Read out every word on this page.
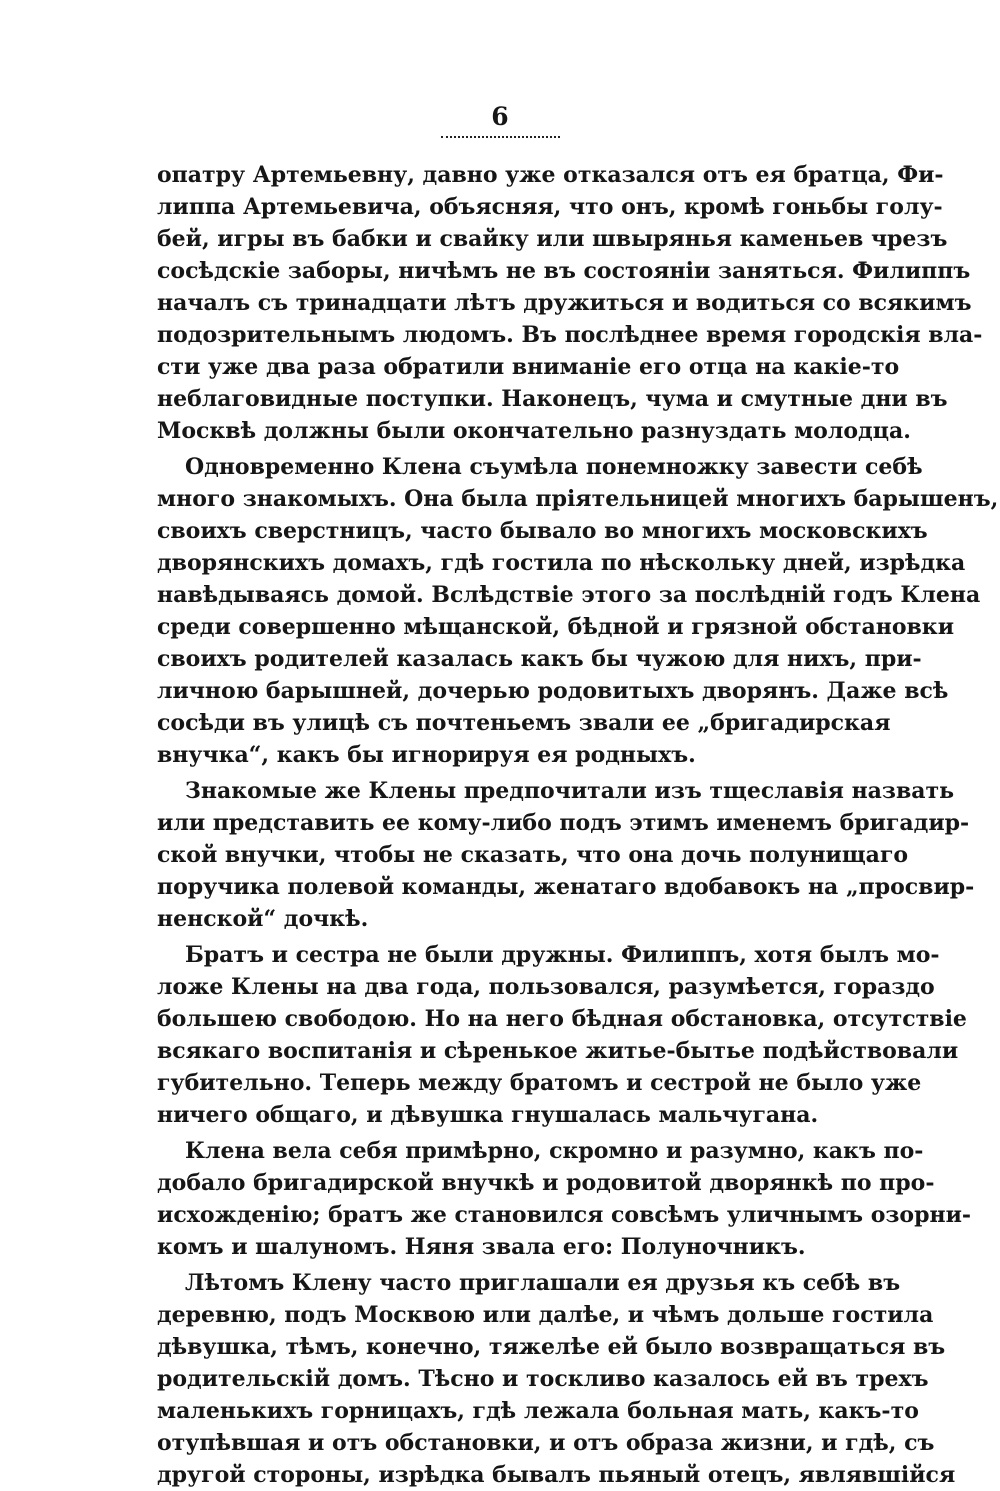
6
опатру Артемьевну, давно уже отказался отъ ея братца, Фи-
липпа Артемьевича, объясняя, что онъ, кромѣ гоньбы голу-
бей, игры въ бабки и свайку или швырянья каменьев чрезъ
сосѣдскіе заборы, ничѣмъ не въ состояніи заняться. Филиппъ
началъ съ тринадцати лѣтъ дружиться и водиться со всякимъ
подозрительнымъ людомъ. Въ послѣднее время городскія вла-
сти уже два раза обратили вниманіе его отца на какіе-то
неблаговидные поступки. Наконецъ, чума и смутные дни въ
Москвѣ должны были окончательно разнуздать молодца.
Одновременно Клена съумѣла понемножку завести себѣ
много знакомыхъ. Она была пріятельницей многихъ барышенъ,
своихъ сверстницъ, часто бывало во многихъ московскихъ
дворянскихъ домахъ, гдѣ гостила по нѣскольку дней, изрѣдка
навѣдываясь домой. Вслѣдствіе этого за послѣдній годъ Клена
среди совершенно мѣщанской, бѣдной и грязной обстановки
своихъ родителей казалась какъ бы чужою для нихъ, при-
личною барышней, дочерью родовитыхъ дворянъ. Даже всѣ
сосѣди въ улицѣ съ почтеньемъ звали ее „бригадирская
внучка“, какъ бы игнорируя ея родныхъ.
Знакомые же Клены предпочитали изъ тщеславія назвать
или представить ее кому-либо подъ этимъ именемъ бригадир-
ской внучки, чтобы не сказать, что она дочь полунищаго
поручика полевой команды, женатаго вдобавокъ на „просвир-
ненской“ дочкѣ.
Братъ и сестра не были дружны. Филиппъ, хотя былъ мо-
ложе Клены на два года, пользовался, разумѣется, гораздо
большею свободою. Но на него бѣдная обстановка, отсутствіе
всякаго воспитанія и сѣренькое житье-бытье подѣйствовали
губительно. Теперь между братомъ и сестрой не было уже
ничего общаго, и дѣвушка гнушалась мальчугана.
Клена вела себя примѣрно, скромно и разумно, какъ по-
добало бригадирской внучкѣ и родовитой дворянкѣ по про-
исхожденію; братъ же становился совсѣмъ уличнымъ озорни-
комъ и шалуномъ. Няня звала его: Полуночникъ.
Лѣтомъ Клену часто приглашали ея друзья къ себѣ въ
деревню, подъ Москвою или далѣе, и чѣмъ дольше гостила
дѣвушка, тѣмъ, конечно, тяжелѣе ей было возвращаться въ
родительскій домъ. Тѣсно и тоскливо казалось ей въ трехъ
маленькихъ горницахъ, гдѣ лежала больная мать, какъ-то
отупѣвшая и отъ обстановки, и отъ образа жизни, и гдѣ, съ
другой стороны, изрѣдка бывалъ пьяный отецъ, являвшійся
